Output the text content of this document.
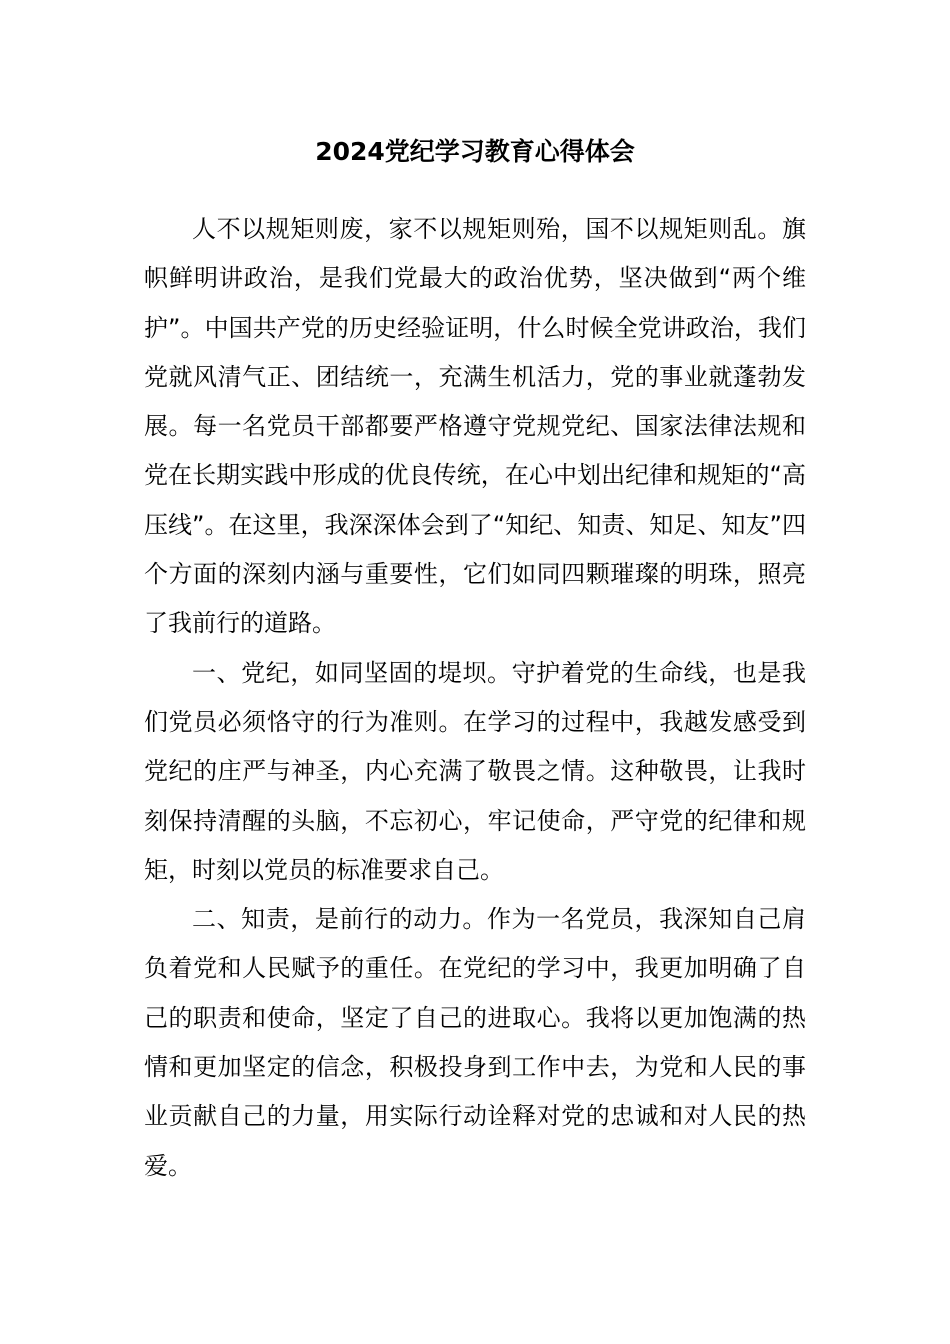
2024党纪学习教育心得体会

人不以规矩则废，家不以规矩则殆，国不以规矩则乱。旗帜鲜明讲政治，是我们党最大的政治优势，坚决做到“两个维护”。中国共产党的历史经验证明，什么时候全党讲政治，我们党就风清气正、团结统一，充满生机活力，党的事业就蓬勃发展。每一名党员干部都要严格遵守党规党纪、国家法律法规和党在长期实践中形成的优良传统，在心中划出纪律和规矩的“高压线”。在这里，我深深体会到了“知纪、知责、知足、知友”四个方面的深刻内涵与重要性，它们如同四颗璀璨的明珠，照亮了我前行的道路。

一、党纪，如同坚固的堤坝。守护着党的生命线，也是我们党员必须恪守的行为准则。在学习的过程中，我越发感受到党纪的庄严与神圣，内心充满了敬畏之情。这种敬畏，让我时刻保持清醒的头脑，不忘初心，牢记使命，严守党的纪律和规矩，时刻以党员的标准要求自己。

二、知责，是前行的动力。作为一名党员，我深知自己肩负着党和人民赋予的重任。在党纪的学习中，我更加明确了自己的职责和使命，坚定了自己的进取心。我将以更加饱满的热情和更加坚定的信念，积极投身到工作中去，为党和人民的事业贡献自己的力量，用实际行动诠释对党的忠诚和对人民的热爱。
